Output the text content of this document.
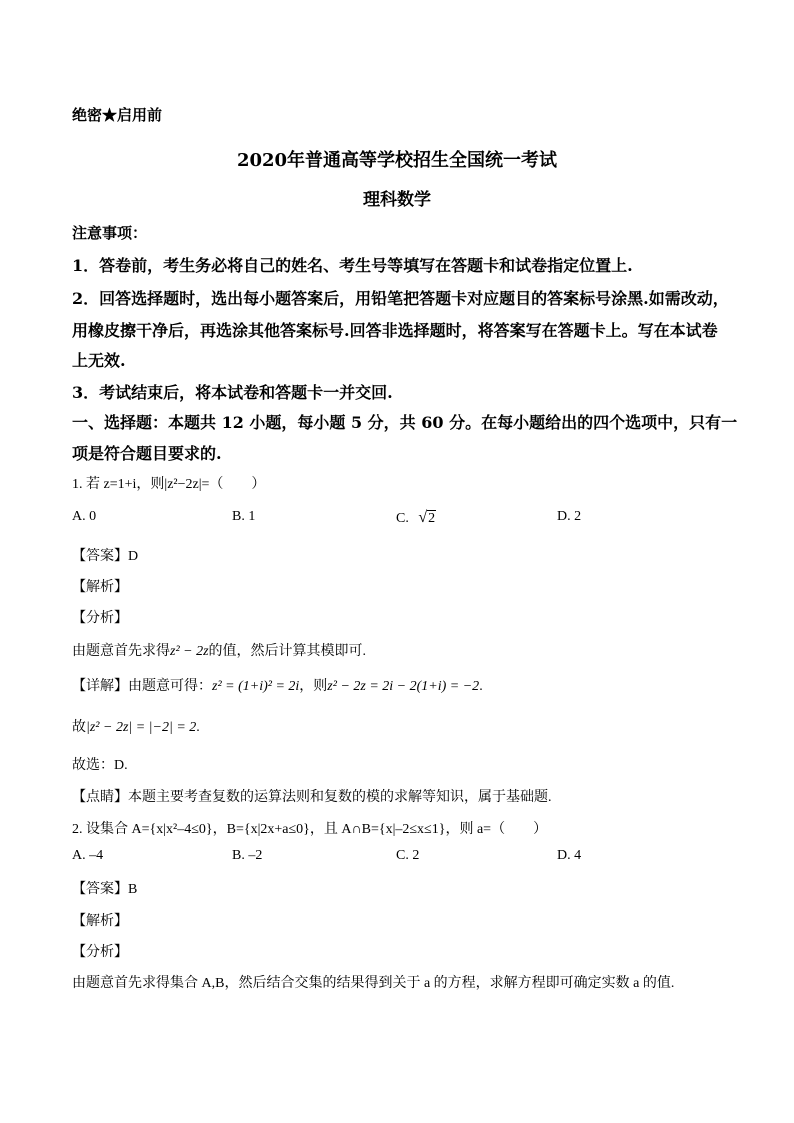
绝密★启用前
2020年普通高等学校招生全国统一考试
理科数学
注意事项：
1．答卷前，考生务必将自己的姓名、考生号等填写在答题卡和试卷指定位置上.
2．回答选择题时，选出每小题答案后，用铅笔把答题卡对应题目的答案标号涂黑.如需改动，
用橡皮擦干净后，再选涂其他答案标号.回答非选择题时，将答案写在答题卡上。写在本试卷
上无效.
3．考试结束后，将本试卷和答题卡一并交回.
一、选择题：本题共 12 小题，每小题 5 分，共 60 分。在每小题给出的四个选项中，只有一
项是符合题目要求的.
1. 若 z=1+i，则|z²−2z|=（　　）
A. 0	B. 1	C. √2	D. 2
【答案】D
【解析】
【分析】
由题意首先求得z² − 2z的值，然后计算其模即可.
【详解】由题意可得：z² = (1+i)² = 2i，则z² − 2z = 2i − 2(1+i) = −2.
故|z² − 2z| = |−2| = 2.
故选：D.
【点睛】本题主要考查复数的运算法则和复数的模的求解等知识，属于基础题.
2. 设集合 A={x|x²–4≤0}，B={x|2x+a≤0}，且 A∩B={x|–2≤x≤1}，则 a=（　　）
A. –4	B. –2	C. 2	D. 4
【答案】B
【解析】
【分析】
由题意首先求得集合 A,B，然后结合交集的结果得到关于 a 的方程，求解方程即可确定实数 a 的值.
